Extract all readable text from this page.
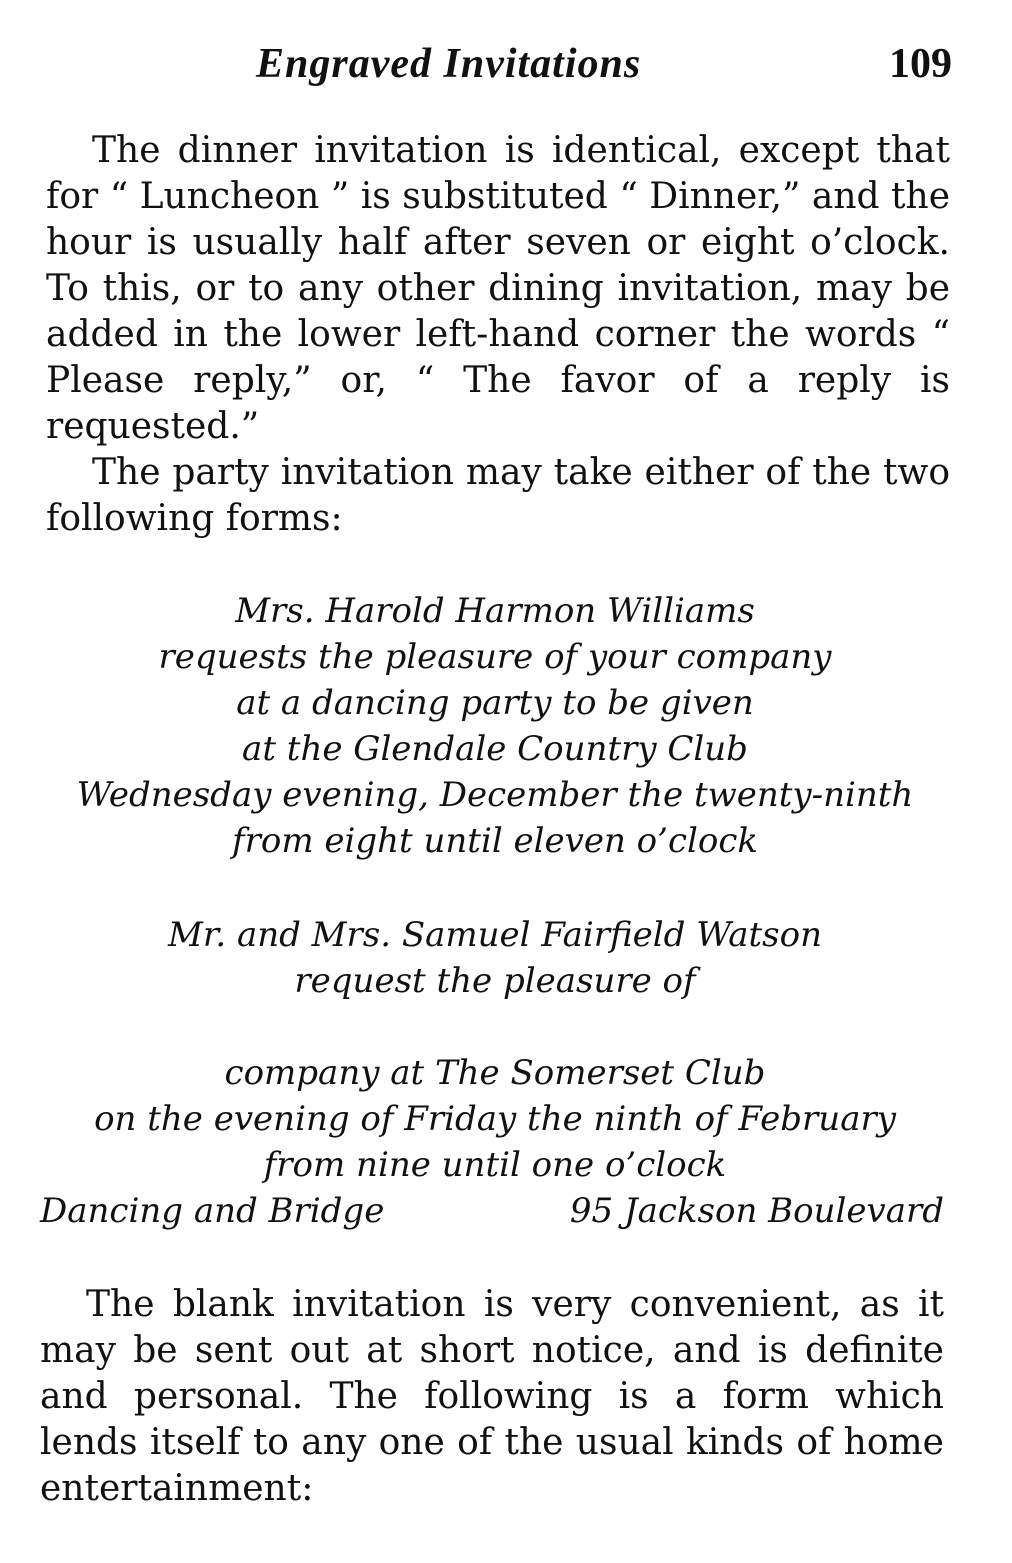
Engraved Invitations	109

The dinner invitation is identical, except that for “ Luncheon ” is substituted “ Dinner,” and the hour is usually half after seven or eight o’clock. To this, or to any other dining invitation, may be added in the lower left-hand corner the words “ Please reply,” or, “ The favor of a reply is requested.”

The party invitation may take either of the two following forms:

Mrs. Harold Harmon Williams
requests the pleasure of your company
at a dancing party to be given
at the Glendale Country Club
Wednesday evening, December the twenty-ninth
from eight until eleven o’clock
Mr. and Mrs. Samuel Fairfield Watson
request the pleasure of
company at The Somerset Club
on the evening of Friday the ninth of February
from nine until one o’clock
Dancing and Bridge	95 Jackson Boulevard

The blank invitation is very convenient, as it may be sent out at short notice, and is definite and personal. The following is a form which lends itself to any one of the usual kinds of home entertainment:
